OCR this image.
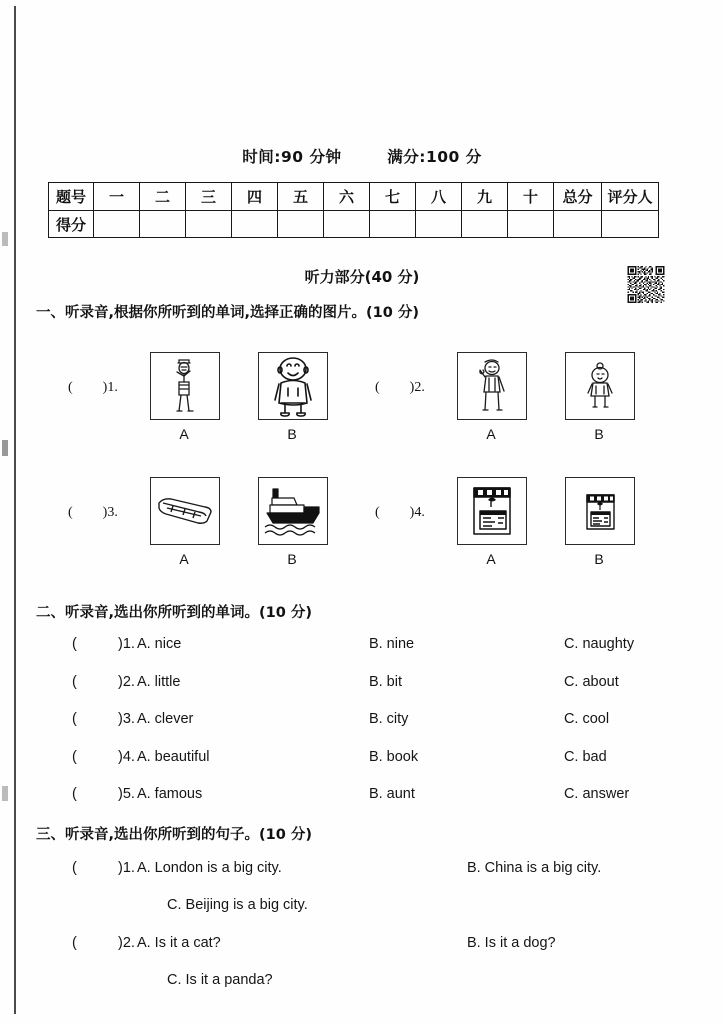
时间:90 分钟	满分:100 分
题号	一	二	三	四	五	六	七	八	九	十	总分	评分人
得分												
听力部分(40 分)
一、听录音,根据你所听到的单词,选择正确的图片。(10 分)
( )1.
A	B
( )2.
A	B
( )3.
A	B
( )4.
A	B
二、听录音,选出你所听到的单词。(10 分)
(	)1. A. nice	B. nine	C. naughty
(	)2. A. little	B. bit	C. about
(	)3. A. clever	B. city	C. cool
(	)4. A. beautiful	B. book	C. bad
(	)5. A. famous	B. aunt	C. answer
三、听录音,选出你所听到的句子。(10 分)
(	)1. A. London is a big city.	B. China is a big city.
C. Beijing is a big city.
(	)2. A. Is it a cat?	B. Is it a dog?
C. Is it a panda?
